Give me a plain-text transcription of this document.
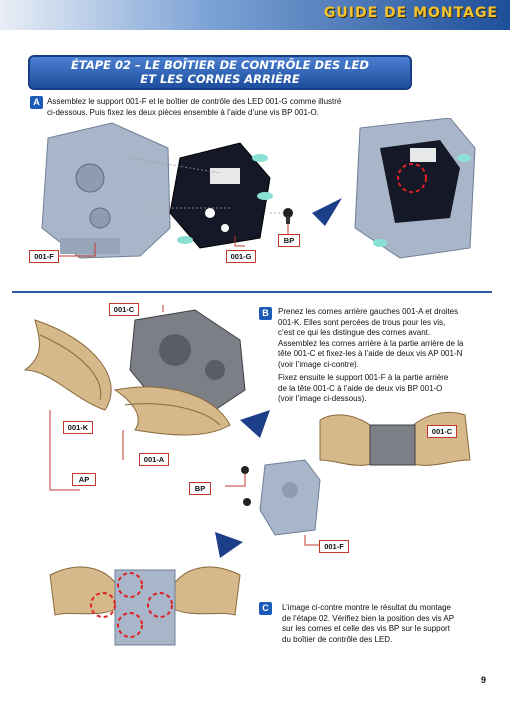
GUIDE DE MONTAGE
ÉTAPE 02 – LE BOÎTIER DE CONTRÔLE DES LED
ET LES CORNES ARRIÈRE
A Assemblez le support 001-F et le boîtier de contrôle des LED 001-G comme illustré
ci-dessous. Puis fixez les deux pièces ensemble à l’aide d’une vis BP 001-O.
001-F	001-G
BP
001-C
001-K
001-A
AP
BP
B	Prenez les cornes arrière gauches 001-A et droites
001-K. Elles sont percées de trous pour les vis,
c’est ce qui les distingue des cornes avant.
Assemblez les cornes arrière à la partie arrière de la
tête 001-C et fixez-les à l’aide de deux vis AP 001-N
(voir l’image ci-contre).
Fixez ensuite le support 001-F à la partie arrière
de la tête 001-C à l’aide de deux vis BP 001-O
(voir l’image ci-dessous).
001-C
001-F
C	L’image ci-contre montre le résultat du montage
de l’étape 02. Vérifiez bien la position des vis AP
sur les cornes et celle des vis BP sur le support
du boîtier de contrôle des LED.
9
